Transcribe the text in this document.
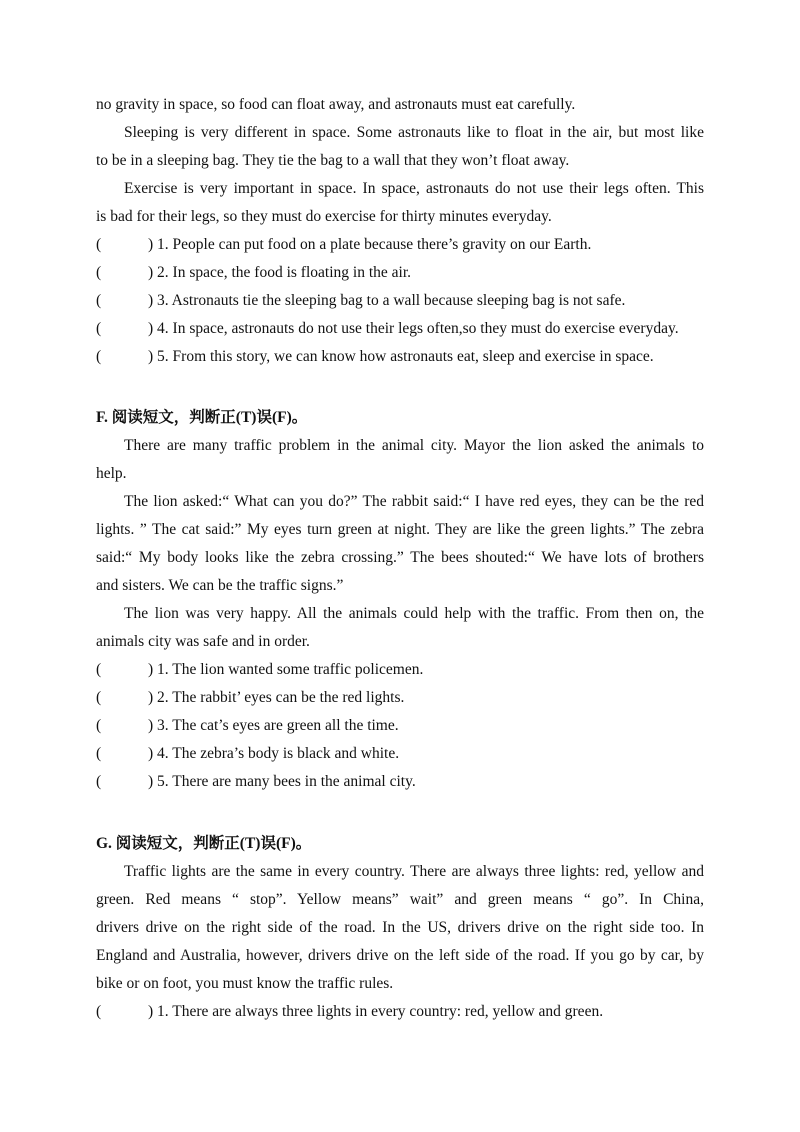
no gravity in space, so food can float away, and astronauts must eat carefully.
Sleeping is very different in space. Some astronauts like to float in the air, but most like
to be in a sleeping bag. They tie the bag to a wall that they won’t float away.
Exercise is very important in space. In space, astronauts do not use their legs often. This
is bad for their legs, so they must do exercise for thirty minutes everyday.
(	) 1. People can put food on a plate because there’s gravity on our Earth.
(	) 2. In space, the food is floating in the air.
(	) 3. Astronauts tie the sleeping bag to a wall because sleeping bag is not safe.
(	) 4. In space, astronauts do not use their legs often,so they must do exercise everyday.
(	) 5. From this story, we can know how astronauts eat, sleep and exercise in space.
F. 阅读短文，判断正(T)误(F)。
There are many traffic problem in the animal city. Mayor the lion asked the animals to
help.
The lion asked:“ What can you do?” The rabbit said:“ I have red eyes, they can be the red
lights. ” The cat said:” My eyes turn green at night. They are like the green lights.” The zebra
said:“ My body looks like the zebra crossing.” The bees shouted:“ We have lots of brothers
and sisters. We can be the traffic signs.”
The lion was very happy. All the animals could help with the traffic. From then on, the
animals city was safe and in order.
(	) 1. The lion wanted some traffic policemen.
(	) 2. The rabbit’ eyes can be the red lights.
(	) 3. The cat’s eyes are green all the time.
(	) 4. The zebra’s body is black and white.
(	) 5. There are many bees in the animal city.
G. 阅读短文，判断正(T)误(F)。
Traffic lights are the same in every country. There are always three lights: red, yellow and
green. Red means “ stop”. Yellow means” wait” and green means “ go”. In China,
drivers drive on the right side of the road. In the US, drivers drive on the right side too. In
England and Australia, however, drivers drive on the left side of the road. If you go by car, by
bike or on foot, you must know the traffic rules.
(	) 1. There are always three lights in every country: red, yellow and green.
